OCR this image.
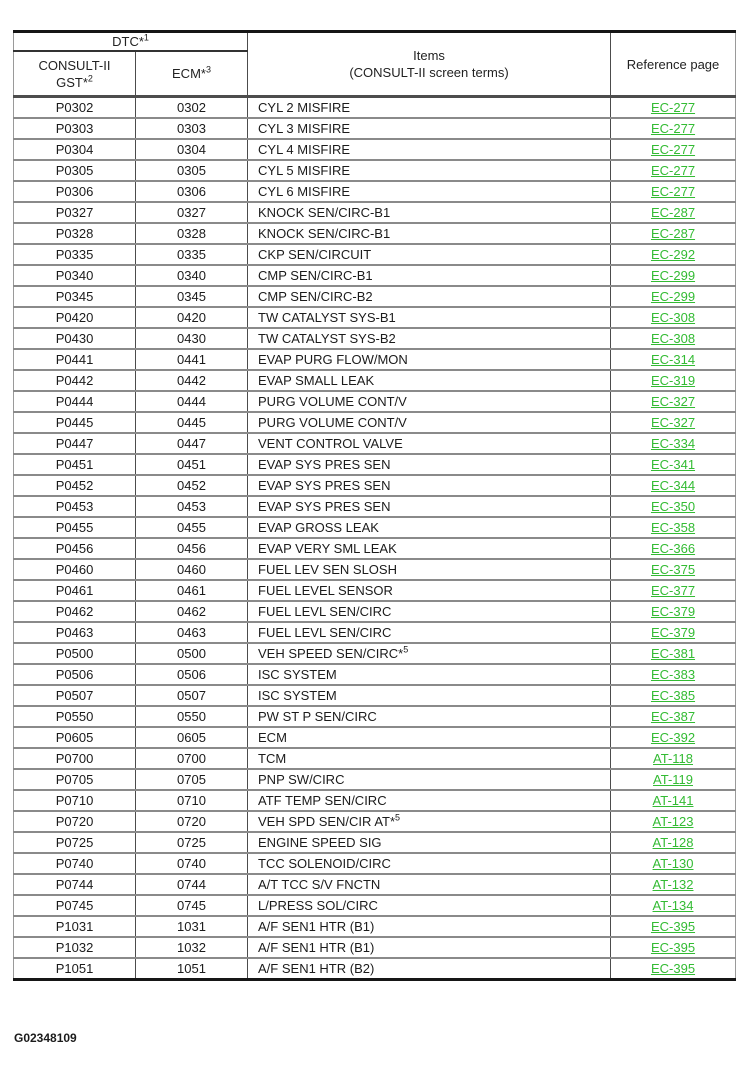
DTC*$^1$		Items
(CONSULT-II screen terms)	Reference page

CONSULT-II
GST*$^2$	ECM*$^3$
P0302	0302	CYL 2 MISFIRE	EC-277
P0303	0303	CYL 3 MISFIRE	EC-277
P0304	0304	CYL 4 MISFIRE	EC-277
P0305	0305	CYL 5 MISFIRE	EC-277
P0306	0306	CYL 6 MISFIRE	EC-277
P0327	0327	KNOCK SEN/CIRC-B1	EC-287
P0328	0328	KNOCK SEN/CIRC-B1	EC-287
P0335	0335	CKP SEN/CIRCUIT	EC-292
P0340	0340	CMP SEN/CIRC-B1	EC-299
P0345	0345	CMP SEN/CIRC-B2	EC-299
P0420	0420	TW CATALYST SYS-B1	EC-308
P0430	0430	TW CATALYST SYS-B2	EC-308
P0441	0441	EVAP PURG FLOW/MON	EC-314
P0442	0442	EVAP SMALL LEAK	EC-319
P0444	0444	PURG VOLUME CONT/V	EC-327
P0445	0445	PURG VOLUME CONT/V	EC-327
P0447	0447	VENT CONTROL VALVE	EC-334
P0451	0451	EVAP SYS PRES SEN	EC-341
P0452	0452	EVAP SYS PRES SEN	EC-344
P0453	0453	EVAP SYS PRES SEN	EC-350
P0455	0455	EVAP GROSS LEAK	EC-358
P0456	0456	EVAP VERY SML LEAK	EC-366
P0460	0460	FUEL LEV SEN SLOSH	EC-375
P0461	0461	FUEL LEVEL SENSOR	EC-377
P0462	0462	FUEL LEVL SEN/CIRC	EC-379
P0463	0463	FUEL LEVL SEN/CIRC	EC-379
P0500	0500	VEH SPEED SEN/CIRC*$^5$	EC-381
P0506	0506	ISC SYSTEM	EC-383
P0507	0507	ISC SYSTEM	EC-385
P0550	0550	PW ST P SEN/CIRC	EC-387
P0605	0605	ECM	EC-392
P0700	0700	TCM	AT-118
P0705	0705	PNP SW/CIRC	AT-119
P0710	0710	ATF TEMP SEN/CIRC	AT-141
P0720	0720	VEH SPD SEN/CIR AT*$^5$	AT-123
P0725	0725	ENGINE SPEED SIG	AT-128
P0740	0740	TCC SOLENOID/CIRC	AT-130
P0744	0744	A/T TCC S/V FNCTN	AT-132
P0745	0745	L/PRESS SOL/CIRC	AT-134
P1031	1031	A/F SEN1 HTR (B1)	EC-395
P1032	1032	A/F SEN1 HTR (B1)	EC-395
P1051	1051	A/F SEN1 HTR (B2)	EC-395
G02348109
